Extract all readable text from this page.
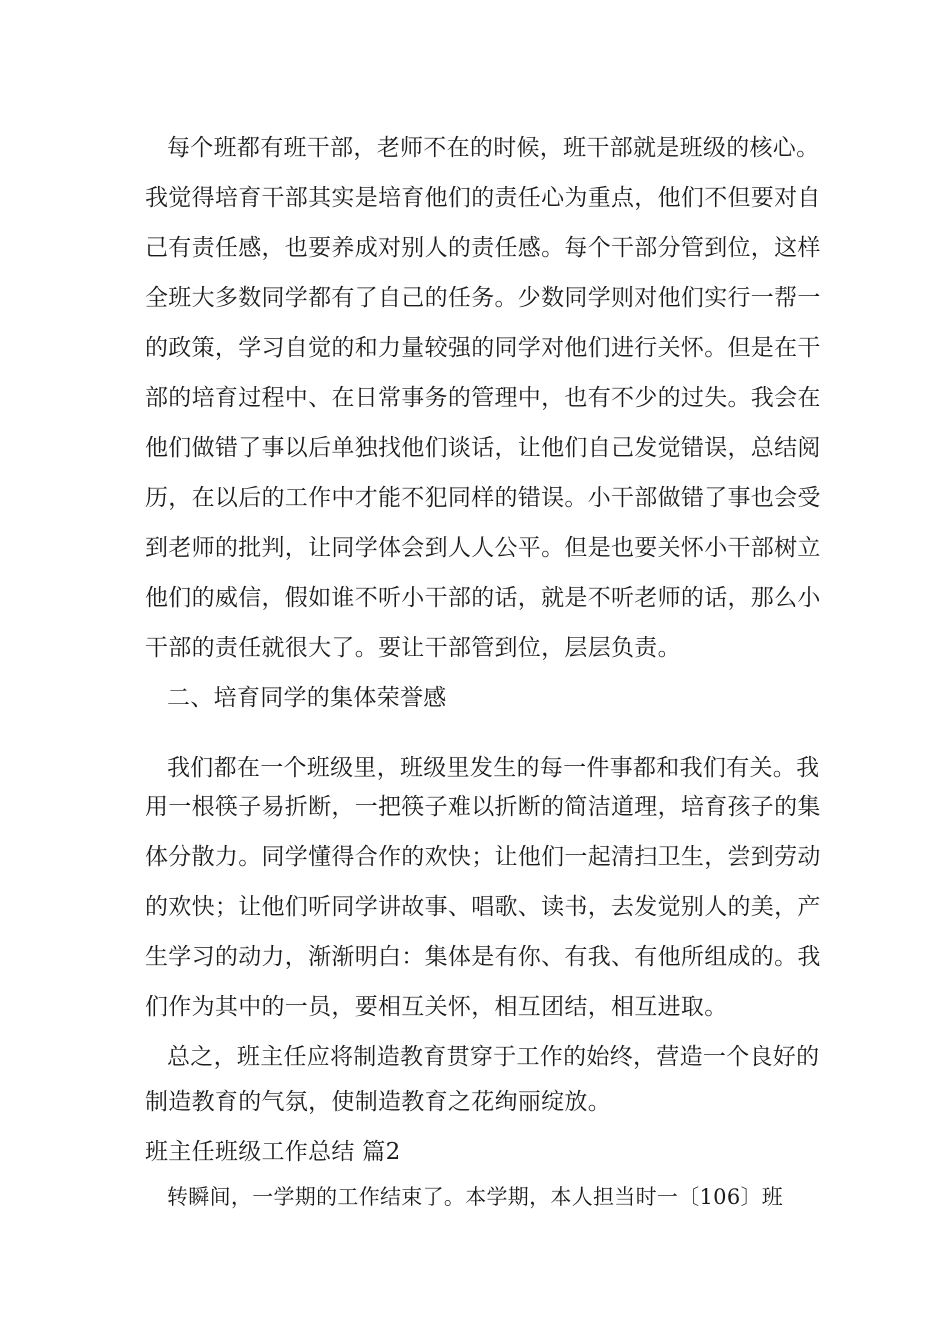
每个班都有班干部，老师不在的时候，班干部就是班级的核心。
我觉得培育干部其实是培育他们的责任心为重点，他们不但要对自
己有责任感，也要养成对别人的责任感。每个干部分管到位，这样
全班大多数同学都有了自己的任务。少数同学则对他们实行一帮一
的政策，学习自觉的和力量较强的同学对他们进行关怀。但是在干
部的培育过程中、在日常事务的管理中，也有不少的过失。我会在
他们做错了事以后单独找他们谈话，让他们自己发觉错误，总结阅
历，在以后的工作中才能不犯同样的错误。小干部做错了事也会受
到老师的批判，让同学体会到人人公平。但是也要关怀小干部树立
他们的威信，假如谁不听小干部的话，就是不听老师的话，那么小
干部的责任就很大了。要让干部管到位，层层负责。
二、培育同学的集体荣誉感
我们都在一个班级里，班级里发生的每一件事都和我们有关。我
用一根筷子易折断，一把筷子难以折断的简洁道理，培育孩子的集
体分散力。同学懂得合作的欢快；让他们一起清扫卫生，尝到劳动
的欢快；让他们听同学讲故事、唱歌、读书，去发觉别人的美，产
生学习的动力，渐渐明白：集体是有你、有我、有他所组成的。我
们作为其中的一员，要相互关怀，相互团结，相互进取。
总之，班主任应将制造教育贯穿于工作的始终，营造一个良好的
制造教育的气氛，使制造教育之花绚丽绽放。
班主任班级工作总结 篇2
转瞬间，一学期的工作结束了。本学期，本人担当时一〔106〕班
